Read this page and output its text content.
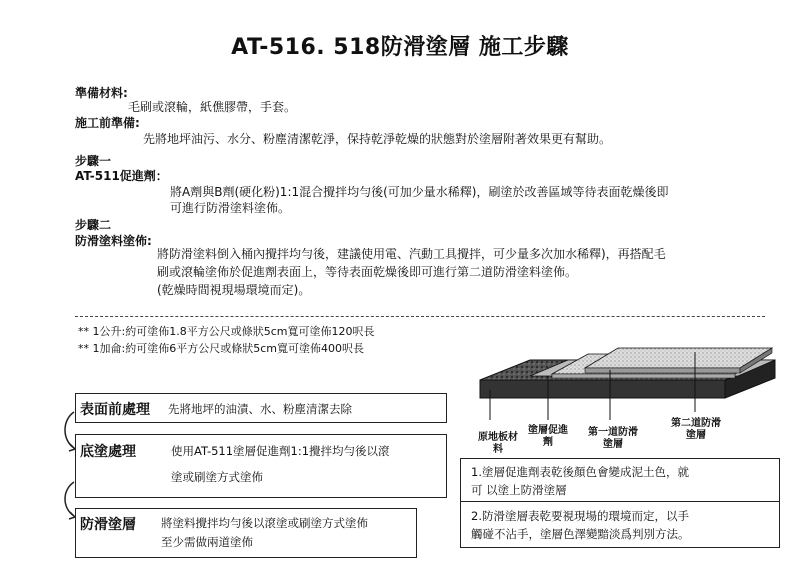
AT-516. 518防滑塗層 施工步驟
準備材料:
毛刷或滾輪，紙僬膠帶，手套。
施工前準備:
先將地坪油污、水分、粉塵清潔乾淨，保持乾淨乾燥的狀態對於塗層附著效果更有幫助。
步驟一
AT-511促進劑：
將A劑與B劑(硬化粉)1:1混合攪拌均勻後(可加少量水稀釋)，刷塗於改善區域等待表面乾燥後即
可進行防滑塗料塗佈。
步驟二
防滑塗料塗佈:
將防滑塗料倒入桶內攪拌均勻後，建議使用電、汽動工具攪拌，可少量多次加水稀釋)，再搭配毛
刷或滾輪塗佈於促進劑表面上，等待表面乾燥後即可進行第二道防滑塗料塗佈。
(乾燥時間視現場環境而定)。
** 1公升:約可塗佈1.8平方公尺或條狀5cm寬可塗佈120呎長
** 1加侖:約可塗佈6平方公尺或條狀5cm寬可塗佈400呎長
表面前處理 先將地坪的油漬、水、粉塵清潔去除
底塗處理	使用AT-511塗層促進劑1:1攪拌均勻後以滾
塗或刷塗方式塗佈
防滑塗層 將塗料攪拌均勻後以滾塗或刷塗方式塗佈
至少需做兩道塗佈
原地板材料
塗層促進劑
第一道防滑塗層
第二道防滑塗層
1.塗層促進劑表乾後顏色會變成泥土色，就
可 以塗上防滑塗層
2.防滑塗層表乾要視現場的環境而定，以手
觸碰不沾手，塗層色澤變黯淡爲判別方法。
